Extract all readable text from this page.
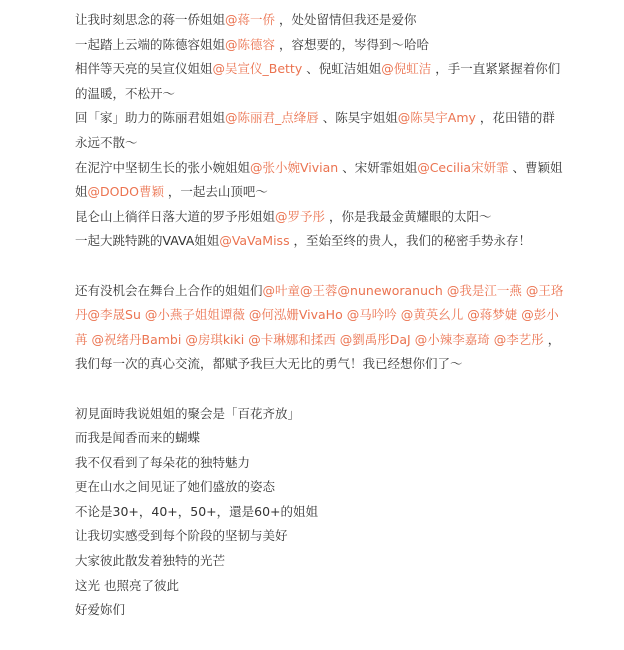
让我时刻思念的蒋一侨姐姐@蒋一侨 ，处处留情但我还是爱你
一起踏上云端的陈德容姐姐@陈德容 ，容想要的，岑得到～哈哈
相伴等天亮的吴宣仪姐姐@吴宣仪_Betty 、倪虹洁姐姐@倪虹洁 ，手一直紧紧握着你们的温暖，不松开～
回「家」助力的陈丽君姐姐@陈丽君_点绛唇 、陈昊宇姐姐@陈昊宇Amy ，花田错的群永远不散～
在泥泞中坚韧生长的张小婉姐姐@张小婉Vivian 、宋妍霏姐姐@Cecilia宋妍霏 、曹颖姐姐@DODO曹颖 ，一起去山顶吧～
昆仑山上徜徉日落大道的罗予彤姐姐@罗予彤 ，你是我最金黄耀眼的太阳～
一起大跳特跳的VAVA姐姐@VaVaMiss ，至始至终的贵人，我们的秘密手势永存！
还有没机会在舞台上合作的姐姐们@叶童@王蓉@nuneworanuch @我是江一燕 @王珞丹@李晟Su @小燕子姐姐谭薇 @何泓姗VivaHo @马吟吟 @黄英幺儿 @蒋梦婕 @彭小苒 @祝绪丹Bambi @房琪kiki @卡琳娜和揉西 @劉禹彤DaJ @小辣李嘉琦 @李艺彤 ，
我们每一次的真心交流，都赋予我巨大无比的勇气！我已经想你们了～
初見面時我说姐姐的聚会是「百花齐放」
而我是闻香而来的蝴蝶
我不仅看到了每朵花的独特魅力
更在山水之间见证了她们盛放的姿态
不论是30+，40+，50+，還是60+的姐姐
让我切实感受到每个阶段的坚韧与美好
大家彼此散发着独特的光芒
这光 也照亮了彼此
好爱妳们
